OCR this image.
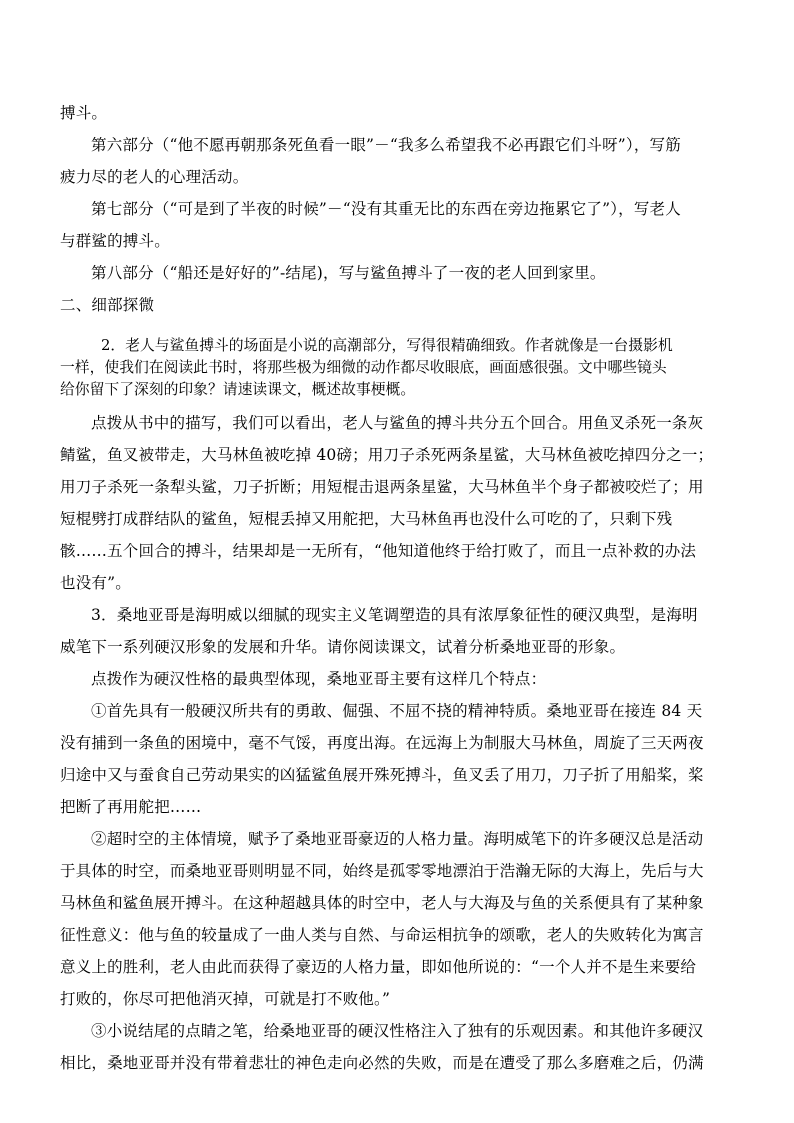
搏斗。
第六部分（“他不愿再朝那条死鱼看一眼”－“我多么希望我不必再跟它们斗呀”），写筋
疲力尽的老人的心理活动。
第七部分（“可是到了半夜的时候”－“没有其重无比的东西在旁边拖累它了”），写老人
与群鲨的搏斗。
第八部分（“船还是好好的”-结尾)，写与鲨鱼搏斗了一夜的老人回到家里。
二、细部探微
2．老人与鲨鱼搏斗的场面是小说的高潮部分，写得很精确细致。作者就像是一台摄影机
一样，使我们在阅读此书时，将那些极为细微的动作都尽收眼底，画面感很强。文中哪些镜头
给你留下了深刻的印象？请速读课文，概述故事梗概。
点拨从书中的描写，我们可以看出，老人与鲨鱼的搏斗共分五个回合。用鱼叉杀死一条灰
鲭鲨，鱼叉被带走，大马林鱼被吃掉 40磅；用刀子杀死两条星鲨，大马林鱼被吃掉四分之一；
用刀子杀死一条犁头鲨，刀子折断；用短棍击退两条星鲨，大马林鱼半个身子都被咬烂了；用
短棍劈打成群结队的鲨鱼，短棍丢掉又用舵把，大马林鱼再也没什么可吃的了，只剩下残
骸……五个回合的搏斗，结果却是一无所有，“他知道他终于给打败了，而且一点补救的办法
也没有”。
3．桑地亚哥是海明威以细腻的现实主义笔调塑造的具有浓厚象征性的硬汉典型，是海明
威笔下一系列硬汉形象的发展和升华。请你阅读课文，试着分析桑地亚哥的形象。
点拨作为硬汉性格的最典型体现，桑地亚哥主要有这样几个特点：
①首先具有一般硬汉所共有的勇敢、倔强、不屈不挠的精神特质。桑地亚哥在接连 84 天
没有捕到一条鱼的困境中，毫不气馁，再度出海。在远海上为制服大马林鱼，周旋了三天两夜
归途中又与蚕食自己劳动果实的凶猛鲨鱼展开殊死搏斗，鱼叉丢了用刀，刀子折了用船桨，桨
把断了再用舵把……
②超时空的主体情境，赋予了桑地亚哥豪迈的人格力量。海明威笔下的许多硬汉总是活动
于具体的时空，而桑地亚哥则明显不同，始终是孤零零地漂泊于浩瀚无际的大海上，先后与大
马林鱼和鲨鱼展开搏斗。在这种超越具体的时空中，老人与大海及与鱼的关系便具有了某种象
征性意义：他与鱼的较量成了一曲人类与自然、与命运相抗争的颂歌，老人的失败转化为寓言
意义上的胜利，老人由此而获得了豪迈的人格力量，即如他所说的：“一个人并不是生来要给
打败的，你尽可把他消灭掉，可就是打不败他。”
③小说结尾的点睛之笔，给桑地亚哥的硬汉性格注入了独有的乐观因素。和其他许多硬汉
相比，桑地亚哥并没有带着悲壮的神色走向必然的失败，而是在遭受了那么多磨难之后，仍满
